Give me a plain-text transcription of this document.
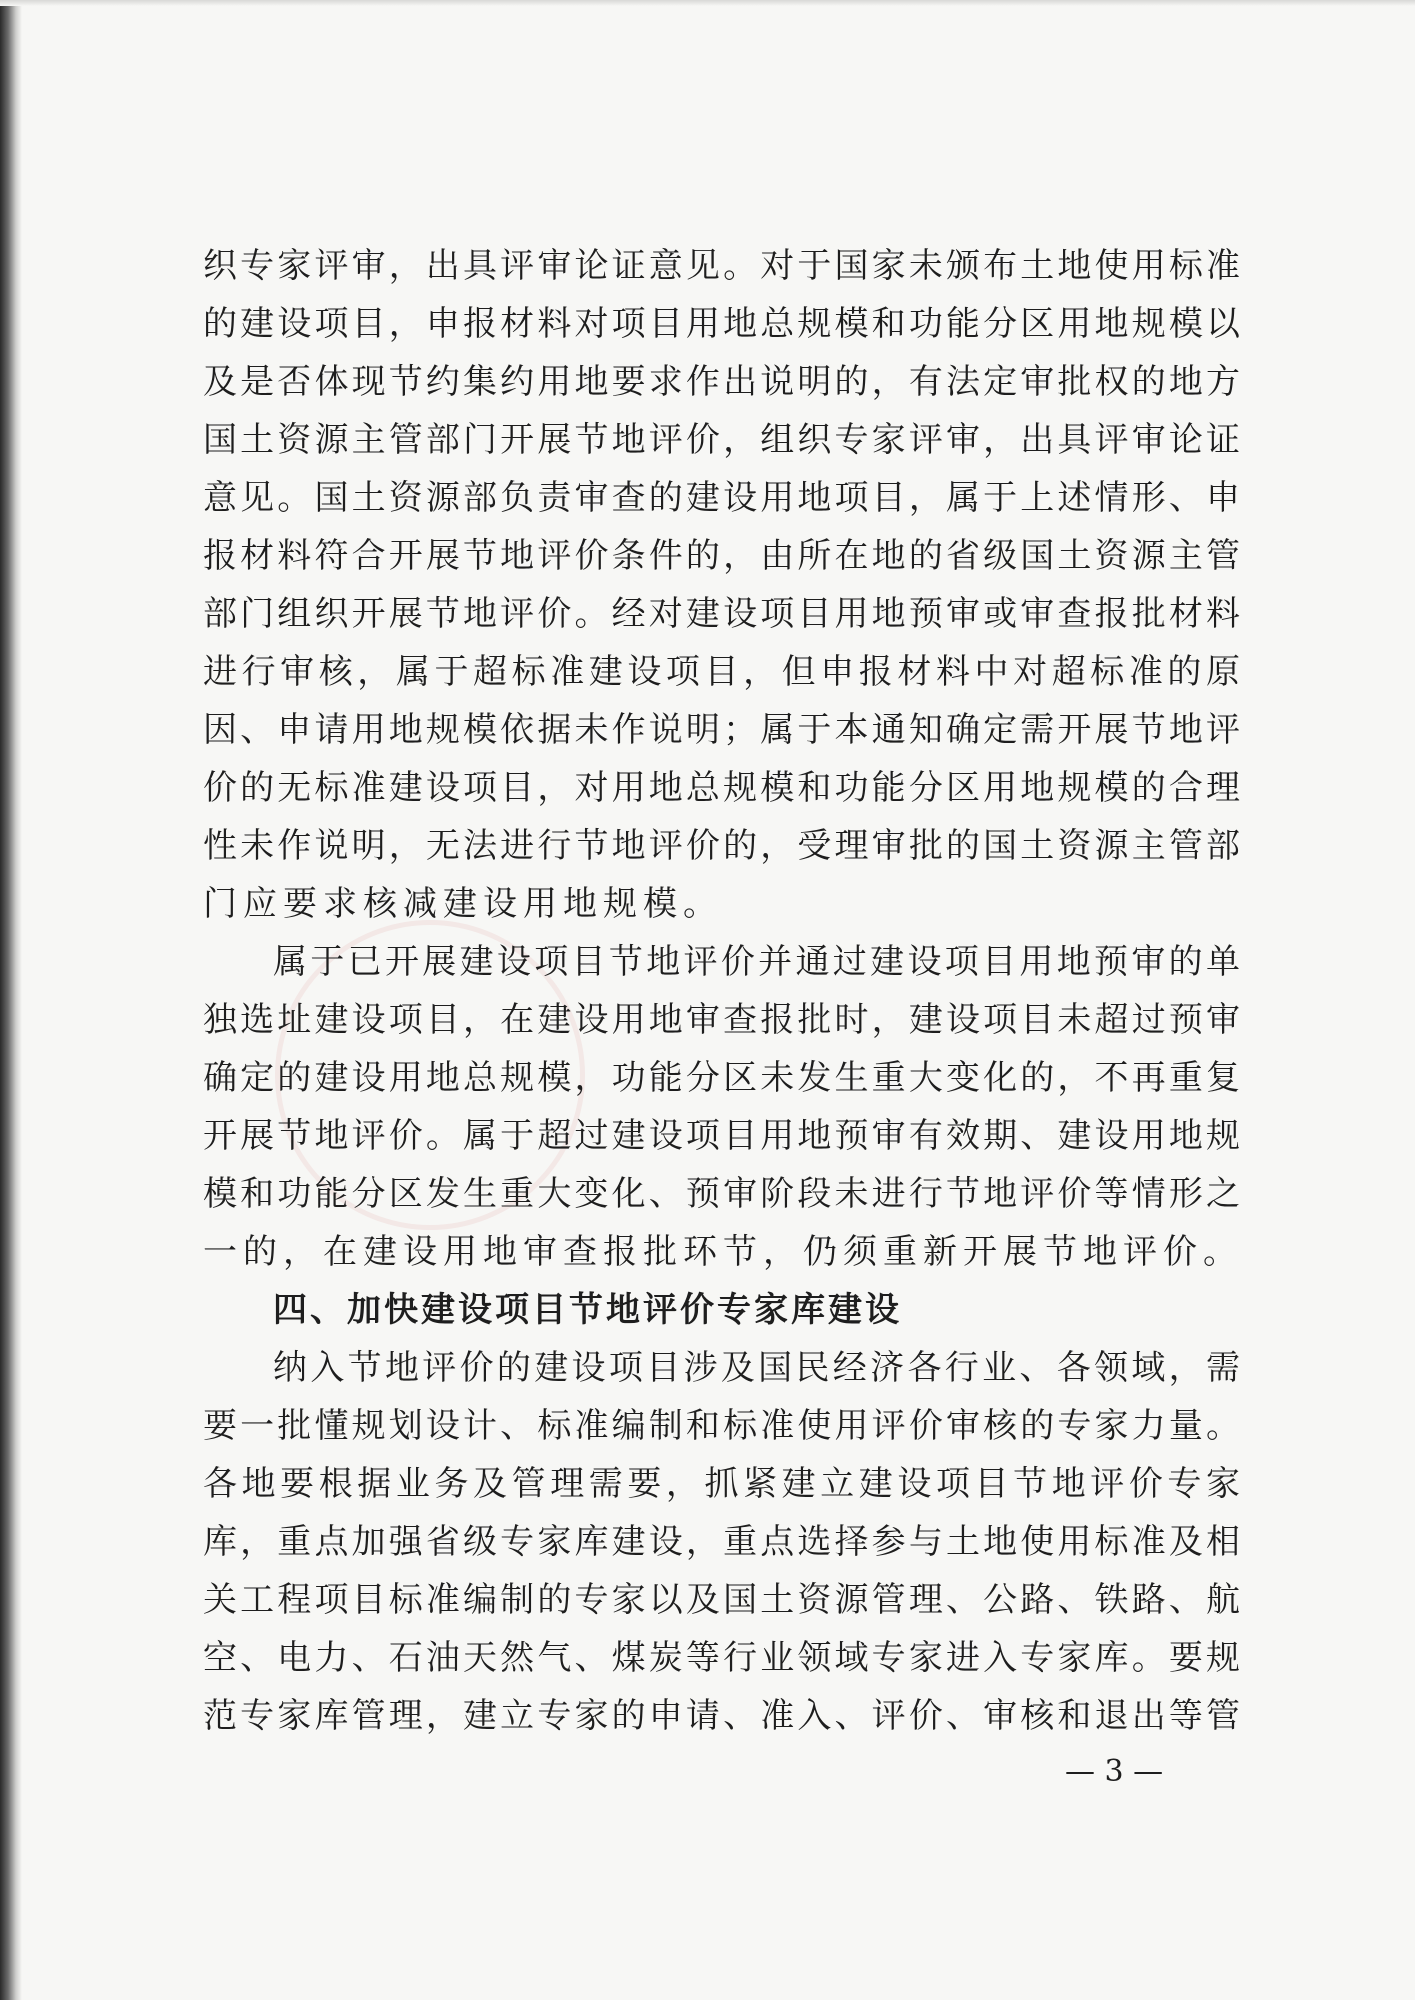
织专家评审，出具评审论证意见。对于国家未颁布土地使用标准
的建设项目，申报材料对项目用地总规模和功能分区用地规模以
及是否体现节约集约用地要求作出说明的，有法定审批权的地方
国土资源主管部门开展节地评价，组织专家评审，出具评审论证
意见。国土资源部负责审查的建设用地项目，属于上述情形、申
报材料符合开展节地评价条件的，由所在地的省级国土资源主管
部门组织开展节地评价。经对建设项目用地预审或审查报批材料
进行审核，属于超标准建设项目，但申报材料中对超标准的原
因、申请用地规模依据未作说明；属于本通知确定需开展节地评
价的无标准建设项目，对用地总规模和功能分区用地规模的合理
性未作说明，无法进行节地评价的，受理审批的国土资源主管部
门应要求核减建设用地规模。
属于已开展建设项目节地评价并通过建设项目用地预审的单
独选址建设项目，在建设用地审查报批时，建设项目未超过预审
确定的建设用地总规模，功能分区未发生重大变化的，不再重复
开展节地评价。属于超过建设项目用地预审有效期、建设用地规
模和功能分区发生重大变化、预审阶段未进行节地评价等情形之
一的，在建设用地审查报批环节，仍须重新开展节地评价。
四、加快建设项目节地评价专家库建设
纳入节地评价的建设项目涉及国民经济各行业、各领域，需
要一批懂规划设计、标准编制和标准使用评价审核的专家力量。
各地要根据业务及管理需要，抓紧建立建设项目节地评价专家
库，重点加强省级专家库建设，重点选择参与土地使用标准及相
关工程项目标准编制的专家以及国土资源管理、公路、铁路、航
空、电力、石油天然气、煤炭等行业领域专家进入专家库。要规
范专家库管理，建立专家的申请、准入、评价、审核和退出等管
— 3 —
